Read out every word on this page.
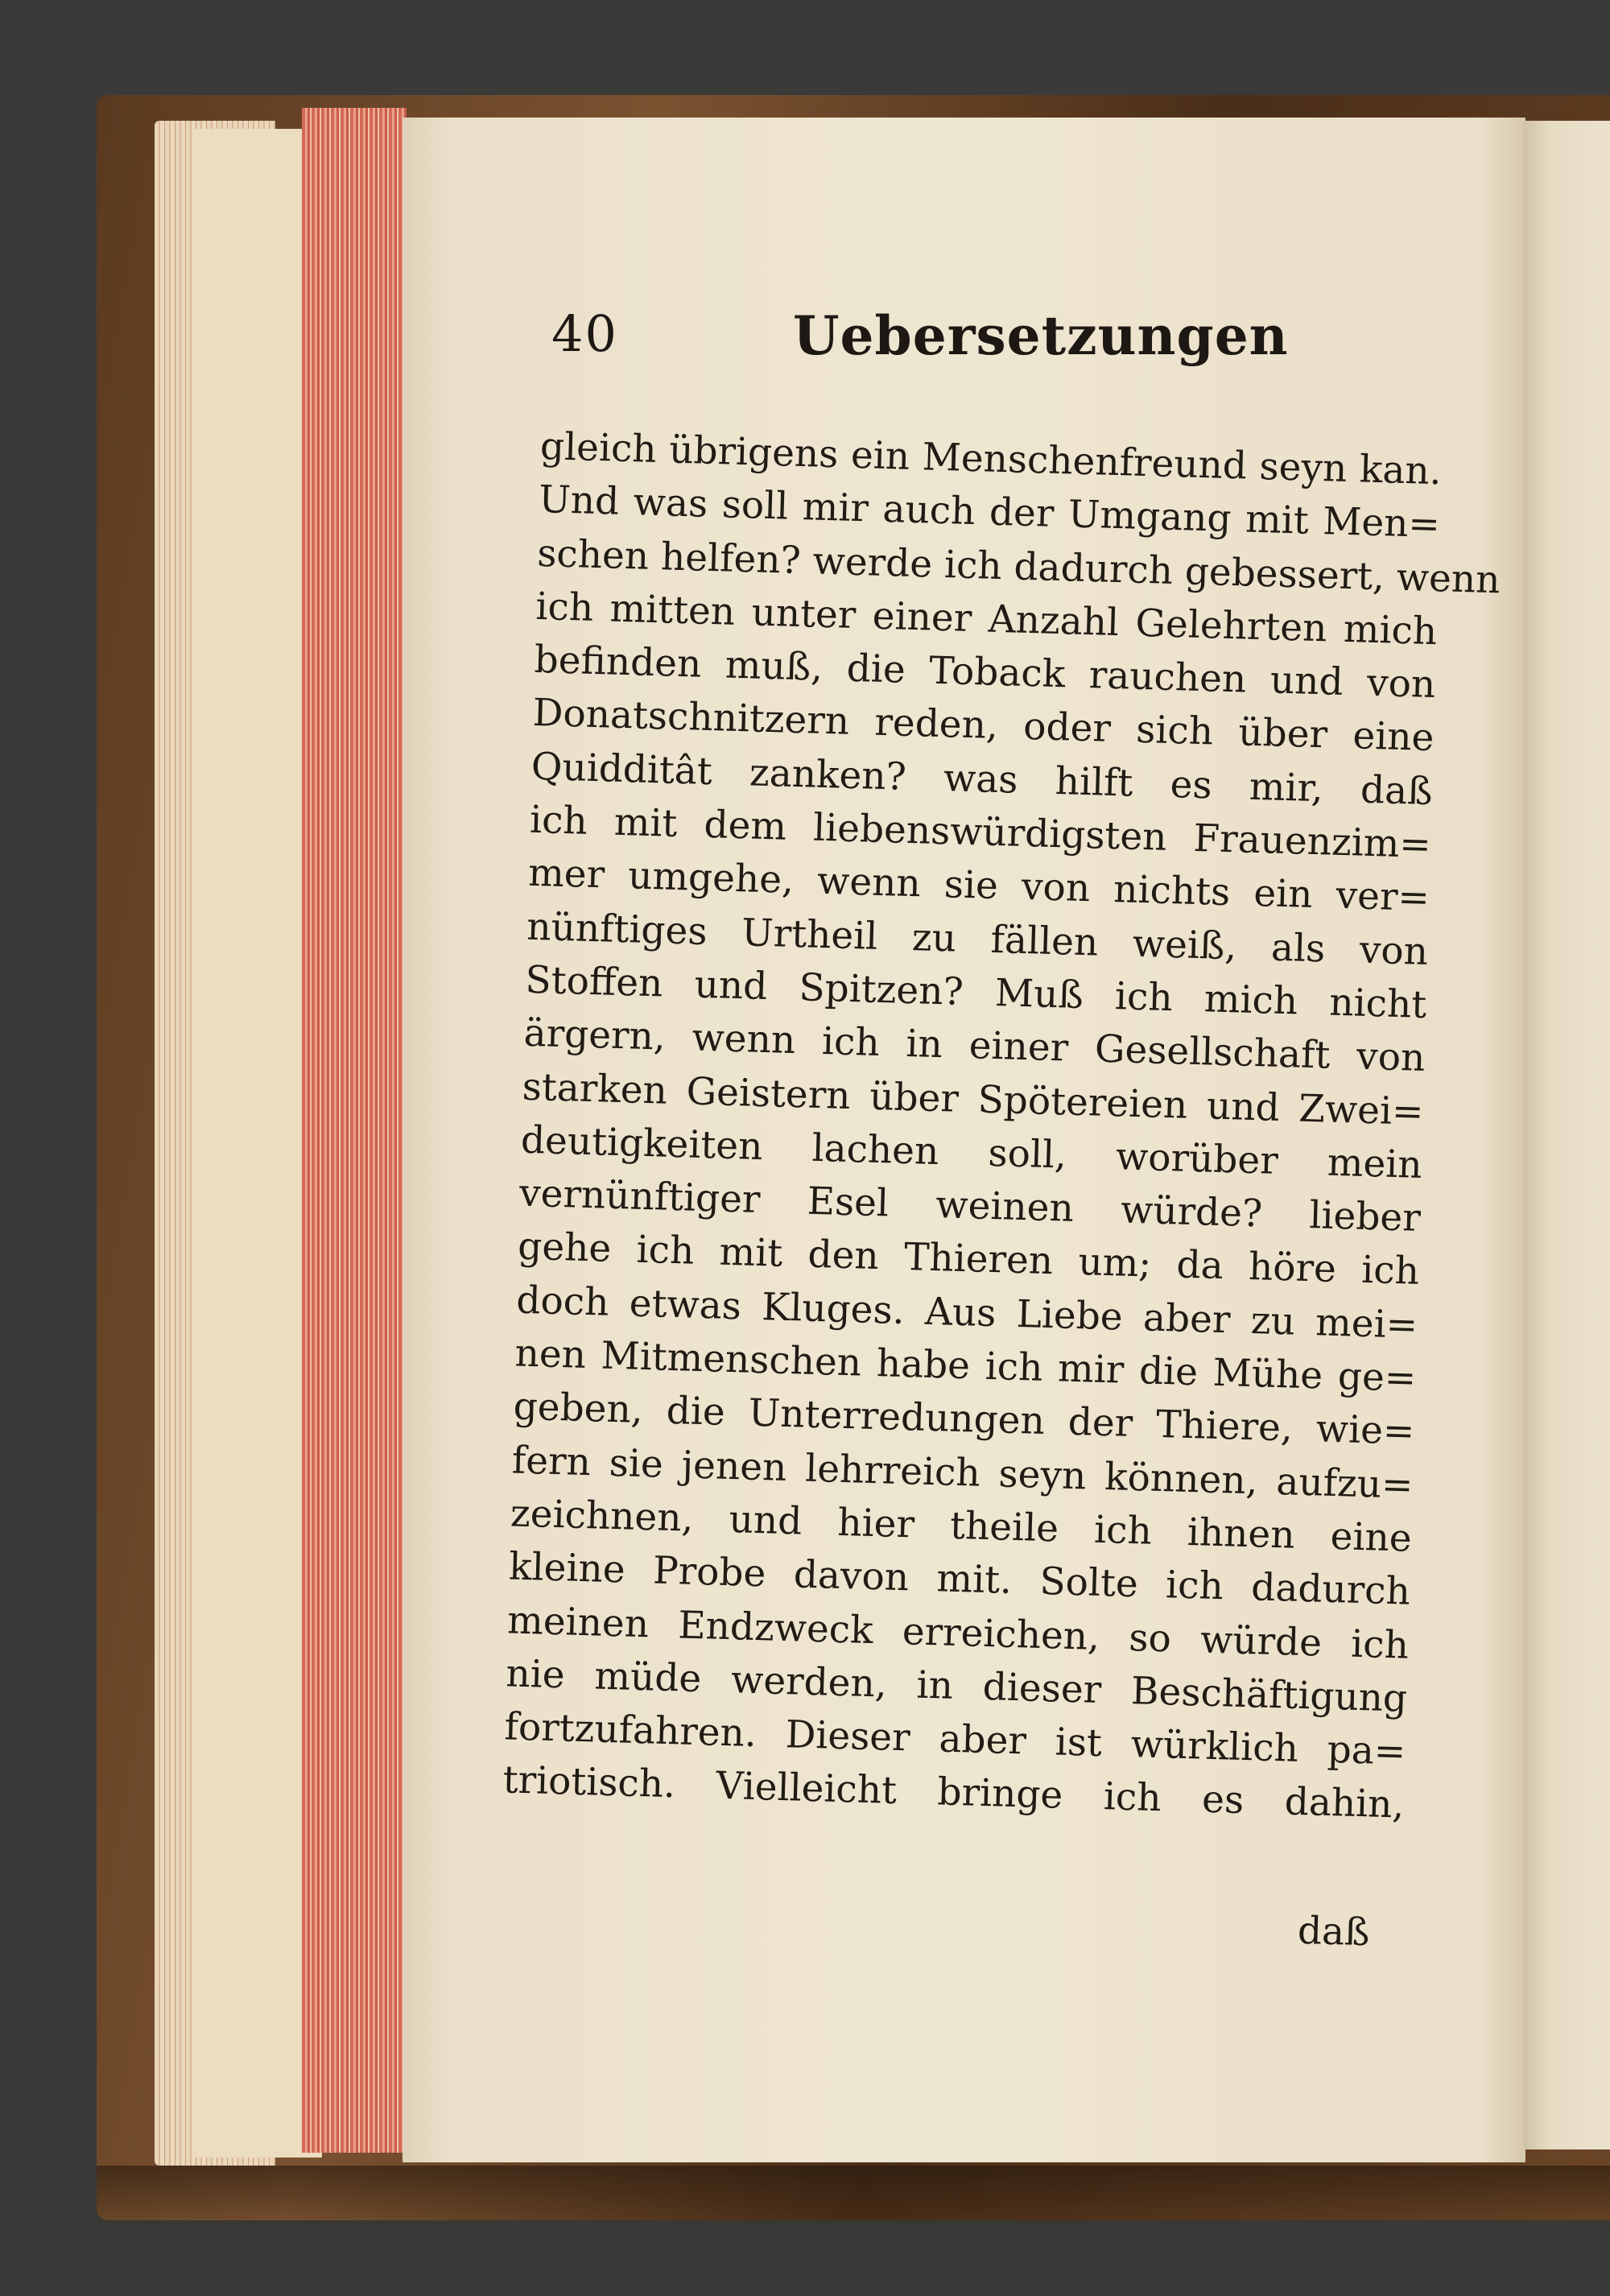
40	Uebersetzungen
gleich übrigens ein Menschenfreund seyn kan.
Und was soll mir auch der Umgang mit Men=
schen helfen? werde ich dadurch gebessert, wenn
ich mitten unter einer Anzahl Gelehrten mich
befinden muß, die Toback rauchen und von
Donatschnitzern reden, oder sich über eine
Quidditât zanken? was hilft es mir, daß
ich mit dem liebenswürdigsten Frauenzim=
mer umgehe, wenn sie von nichts ein ver=
nünftiges Urtheil zu fällen weiß, als von
Stoffen und Spitzen? Muß ich mich nicht
ärgern, wenn ich in einer Gesellschaft von
starken Geistern über Spötereien und Zwei=
deutigkeiten lachen soll, worüber mein
vernünftiger Esel weinen würde? lieber
gehe ich mit den Thieren um; da höre ich
doch etwas Kluges. Aus Liebe aber zu mei=
nen Mitmenschen habe ich mir die Mühe ge=
geben, die Unterredungen der Thiere, wie=
fern sie jenen lehrreich seyn können, aufzu=
zeichnen, und hier theile ich ihnen eine
kleine Probe davon mit. Solte ich dadurch
meinen Endzweck erreichen, so würde ich
nie müde werden, in dieser Beschäftigung
fortzufahren. Dieser aber ist würklich pa=
triotisch. Vielleicht bringe ich es dahin,
daß
